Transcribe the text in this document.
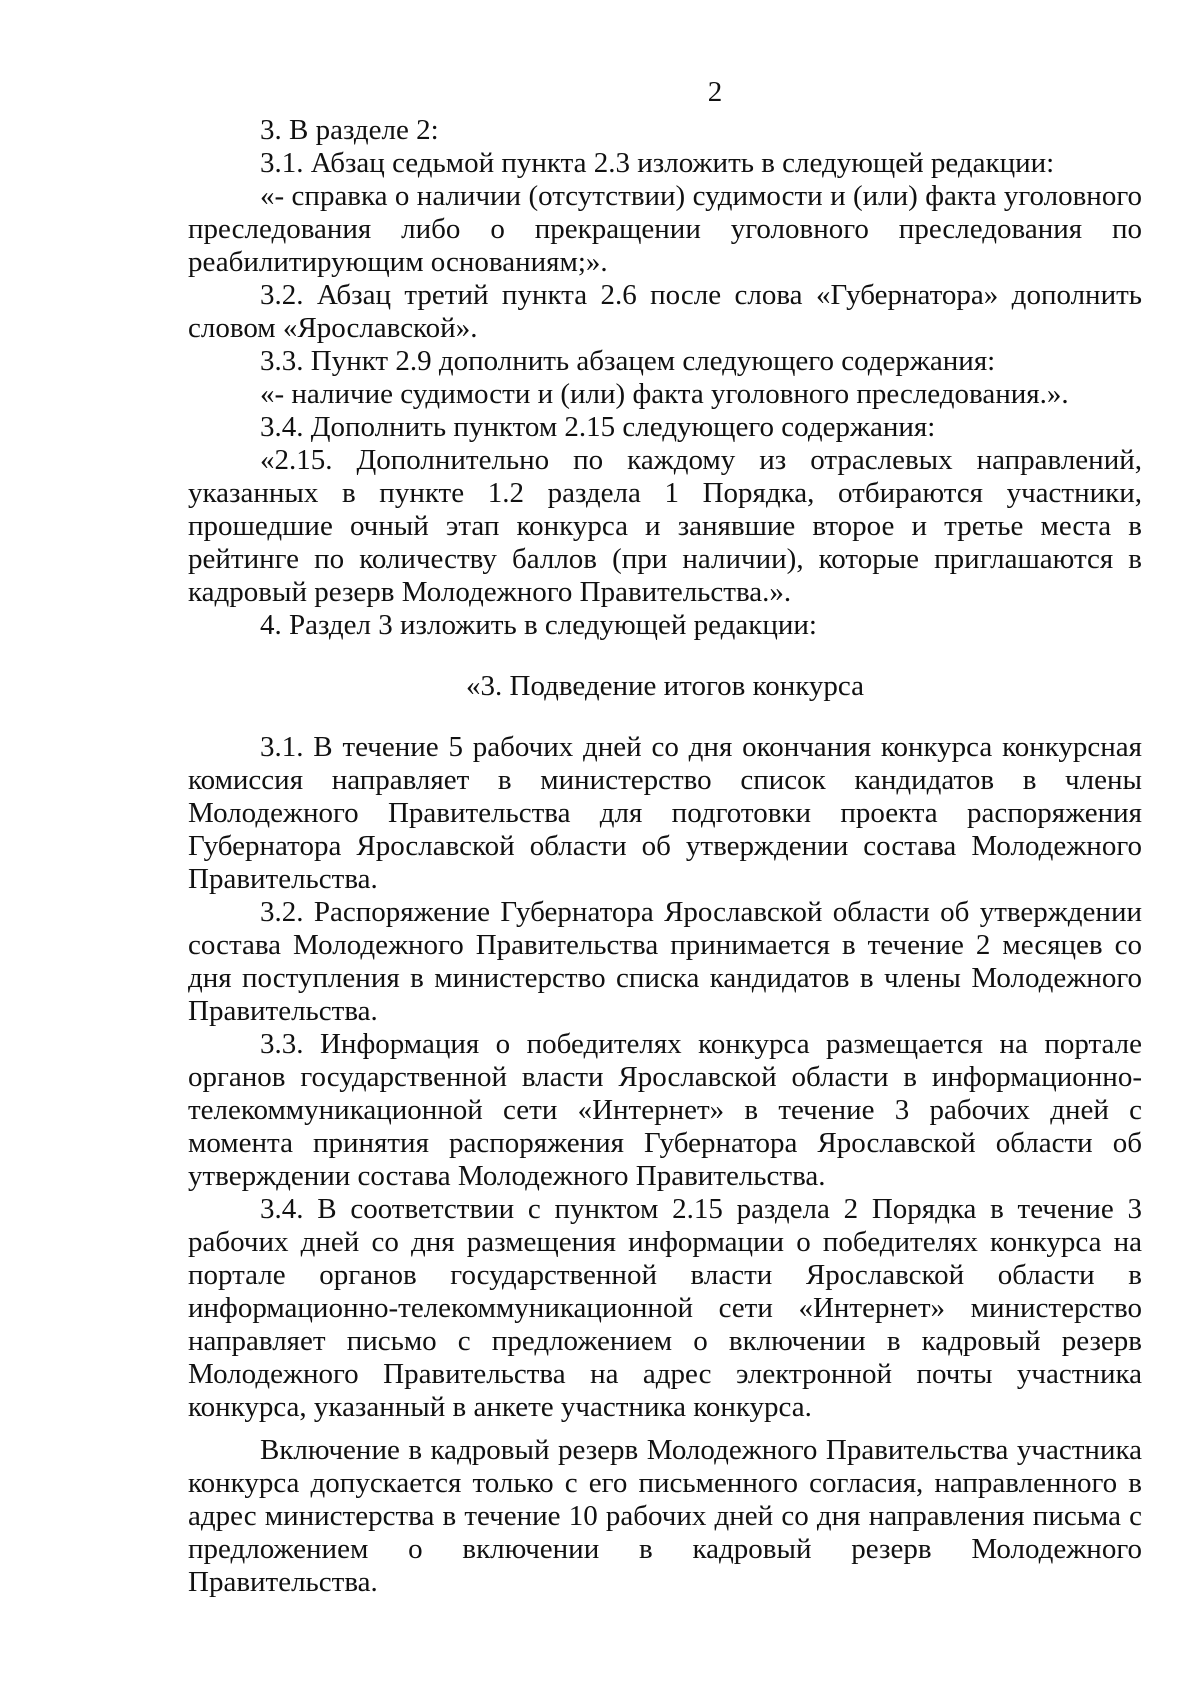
2

3. В разделе 2:

3.1. Абзац седьмой пункта 2.3 изложить в следующей редакции:

«- справка о наличии (отсутствии) судимости и (или) факта уголовного преследования либо о прекращении уголовного преследования по реабилитирующим основаниям;».

3.2. Абзац третий пункта 2.6 после слова «Губернатора» дополнить словом «Ярославской».

3.3. Пункт 2.9 дополнить абзацем следующего содержания:

«- наличие судимости и (или) факта уголовного преследования.».

3.4. Дополнить пунктом 2.15 следующего содержания:

«2.15. Дополнительно по каждому из отраслевых направлений, указанных в пункте 1.2 раздела 1 Порядка, отбираются участники, прошедшие очный этап конкурса и занявшие второе и третье места в рейтинге по количеству баллов (при наличии), которые приглашаются в кадровый резерв Молодежного Правительства.».

4. Раздел 3 изложить в следующей редакции:

«3. Подведение итогов конкурса

3.1. В течение 5 рабочих дней со дня окончания конкурса конкурсная комиссия направляет в министерство список кандидатов в члены Молодежного Правительства для подготовки проекта распоряжения Губернатора Ярославской области об утверждении состава Молодежного Правительства.

3.2. Распоряжение Губернатора Ярославской области об утверждении состава Молодежного Правительства принимается в течение 2 месяцев со дня поступления в министерство списка кандидатов в члены Молодежного Правительства.

3.3. Информация о победителях конкурса размещается на портале органов государственной власти Ярославской области в информационно-телекоммуникационной сети «Интернет» в течение 3 рабочих дней с момента принятия распоряжения Губернатора Ярославской области об утверждении состава Молодежного Правительства.

3.4. В соответствии с пунктом 2.15 раздела 2 Порядка в течение 3 рабочих дней со дня размещения информации о победителях конкурса на портале органов государственной власти Ярославской области в информационно-телекоммуникационной сети «Интернет» министерство направляет письмо с предложением о включении в кадровый резерв Молодежного Правительства на адрес электронной почты участника конкурса, указанный в анкете участника конкурса.

Включение в кадровый резерв Молодежного Правительства участника конкурса допускается только с его письменного согласия, направленного в адрес министерства в течение 10 рабочих дней со дня направления письма с предложением о включении в кадровый резерв Молодежного Правительства.
